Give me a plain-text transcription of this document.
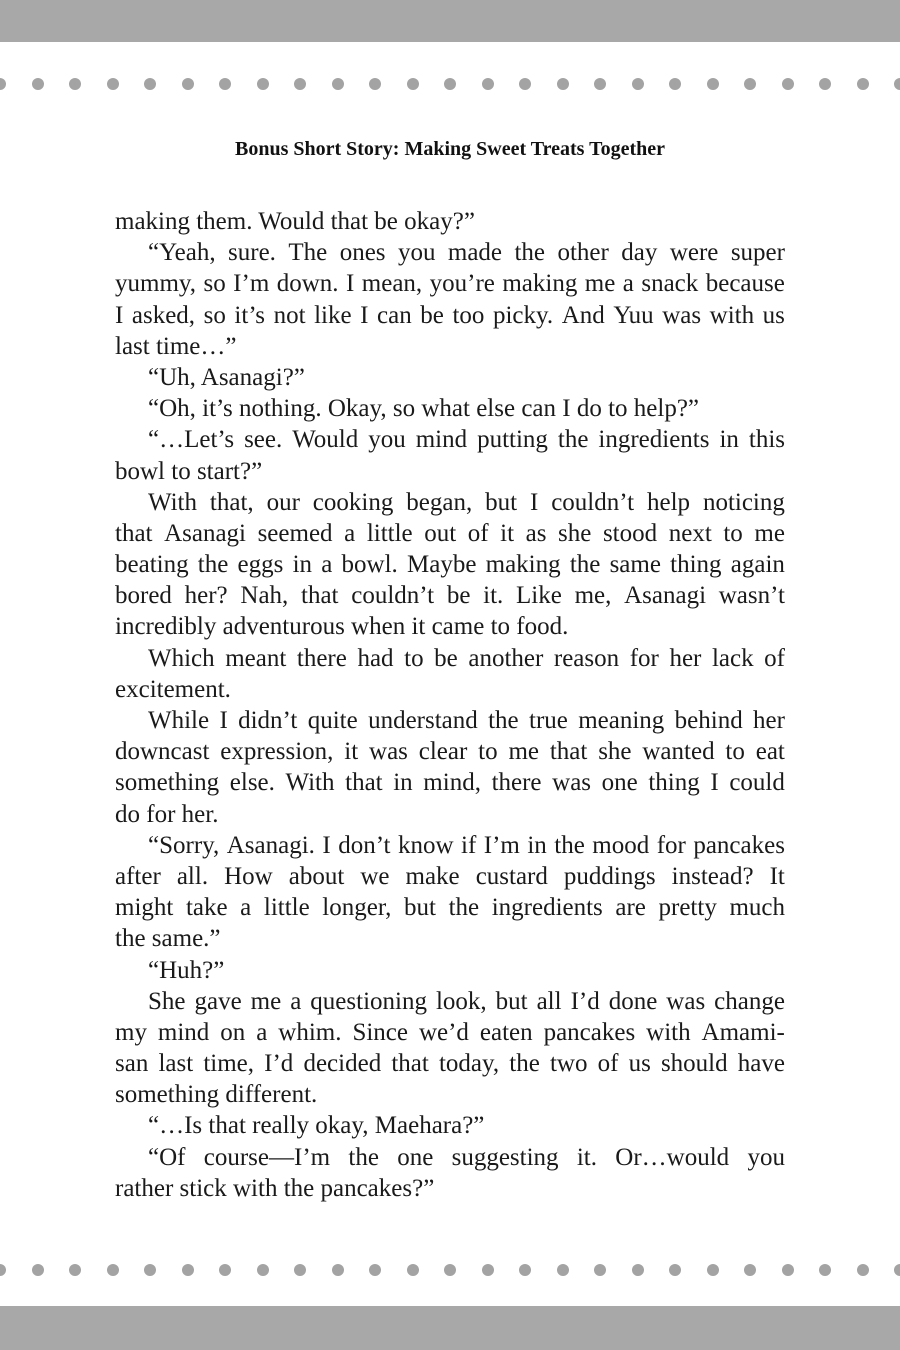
Bonus Short Story: Making Sweet Treats Together
making them. Would that be okay?”
“Yeah, sure. The ones you made the other day were super
yummy, so I’m down. I mean, you’re making me a snack because
I asked, so it’s not like I can be too picky. And Yuu was with us
last time…”
“Uh, Asanagi?”
“Oh, it’s nothing. Okay, so what else can I do to help?”
“…Let’s see. Would you mind putting the ingredients in this
bowl to start?”
With that, our cooking began, but I couldn’t help noticing
that Asanagi seemed a little out of it as she stood next to me
beating the eggs in a bowl. Maybe making the same thing again
bored her? Nah, that couldn’t be it. Like me, Asanagi wasn’t
incredibly adventurous when it came to food.
Which meant there had to be another reason for her lack of
excitement.
While I didn’t quite understand the true meaning behind her
downcast expression, it was clear to me that she wanted to eat
something else. With that in mind, there was one thing I could
do for her.
“Sorry, Asanagi. I don’t know if I’m in the mood for pancakes
after all. How about we make custard puddings instead? It
might take a little longer, but the ingredients are pretty much
the same.”
“Huh?”
She gave me a questioning look, but all I’d done was change
my mind on a whim. Since we’d eaten pancakes with Amami-
san last time, I’d decided that today, the two of us should have
something different.
“…Is that really okay, Maehara?”
“Of course—I’m the one suggesting it. Or…would you
rather stick with the pancakes?”
